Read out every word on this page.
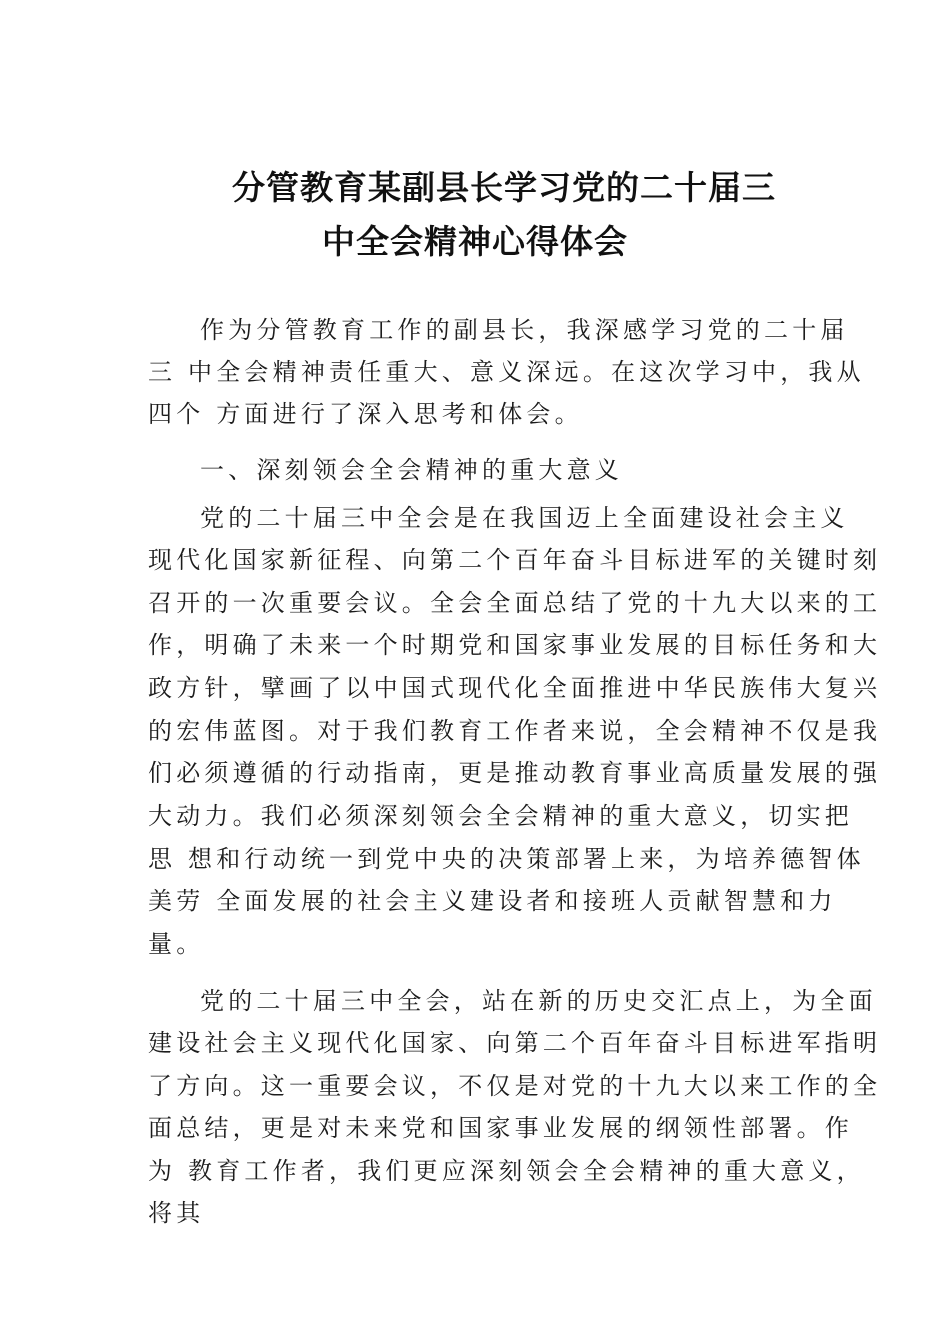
分管教育某副县长学习党的二十届三
中全会精神心得体会
作为分管教育工作的副县长，我深感学习党的二十届
三 中全会精神责任重大、意义深远。在这次学习中，我从
四个 方面进行了深入思考和体会。
一、深刻领会全会精神的重大意义
党的二十届三中全会是在我国迈上全面建设社会主义
现代化国家新征程、向第二个百年奋斗目标进军的关键时刻
召开的一次重要会议。全会全面总结了党的十九大以来的工
作，明确了未来一个时期党和国家事业发展的目标任务和大
政方针，擘画了以中国式现代化全面推进中华民族伟大复兴
的宏伟蓝图。对于我们教育工作者来说，全会精神不仅是我
们必须遵循的行动指南，更是推动教育事业高质量发展的强
大动力。我们必须深刻领会全会精神的重大意义，切实把
思 想和行动统一到党中央的决策部署上来，为培养德智体
美劳 全面发展的社会主义建设者和接班人贡献智慧和力
量。
党的二十届三中全会，站在新的历史交汇点上，为全面
建设社会主义现代化国家、向第二个百年奋斗目标进军指明
了方向。这一重要会议，不仅是对党的十九大以来工作的全
面总结，更是对未来党和国家事业发展的纲领性部署。作
为 教育工作者，我们更应深刻领会全会精神的重大意义，
将其
